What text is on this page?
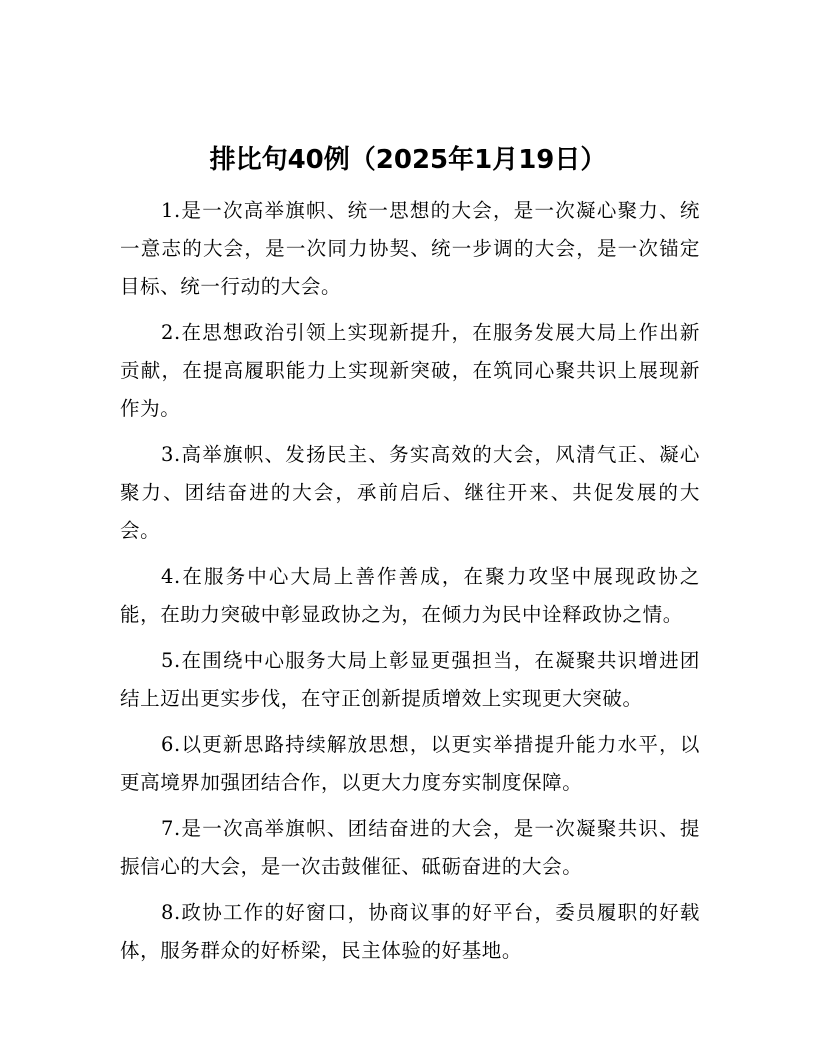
排比句40例（2025年1月19日）

1.是一次高举旗帜、统一思想的大会，是一次凝心聚力、统一意志的大会，是一次同力协契、统一步调的大会，是一次锚定目标、统一行动的大会。

2.在思想政治引领上实现新提升，在服务发展大局上作出新贡献，在提高履职能力上实现新突破，在筑同心聚共识上展现新作为。

3.高举旗帜、发扬民主、务实高效的大会，风清气正、凝心聚力、团结奋进的大会，承前启后、继往开来、共促发展的大会。

4.在服务中心大局上善作善成，在聚力攻坚中展现政协之能，在助力突破中彰显政协之为，在倾力为民中诠释政协之情。

5.在围绕中心服务大局上彰显更强担当，在凝聚共识增进团结上迈出更实步伐，在守正创新提质增效上实现更大突破。

6.以更新思路持续解放思想，以更实举措提升能力水平，以更高境界加强团结合作，以更大力度夯实制度保障。

7.是一次高举旗帜、团结奋进的大会，是一次凝聚共识、提振信心的大会，是一次击鼓催征、砥砺奋进的大会。

8.政协工作的好窗口，协商议事的好平台，委员履职的好载体，服务群众的好桥梁，民主体验的好基地。
